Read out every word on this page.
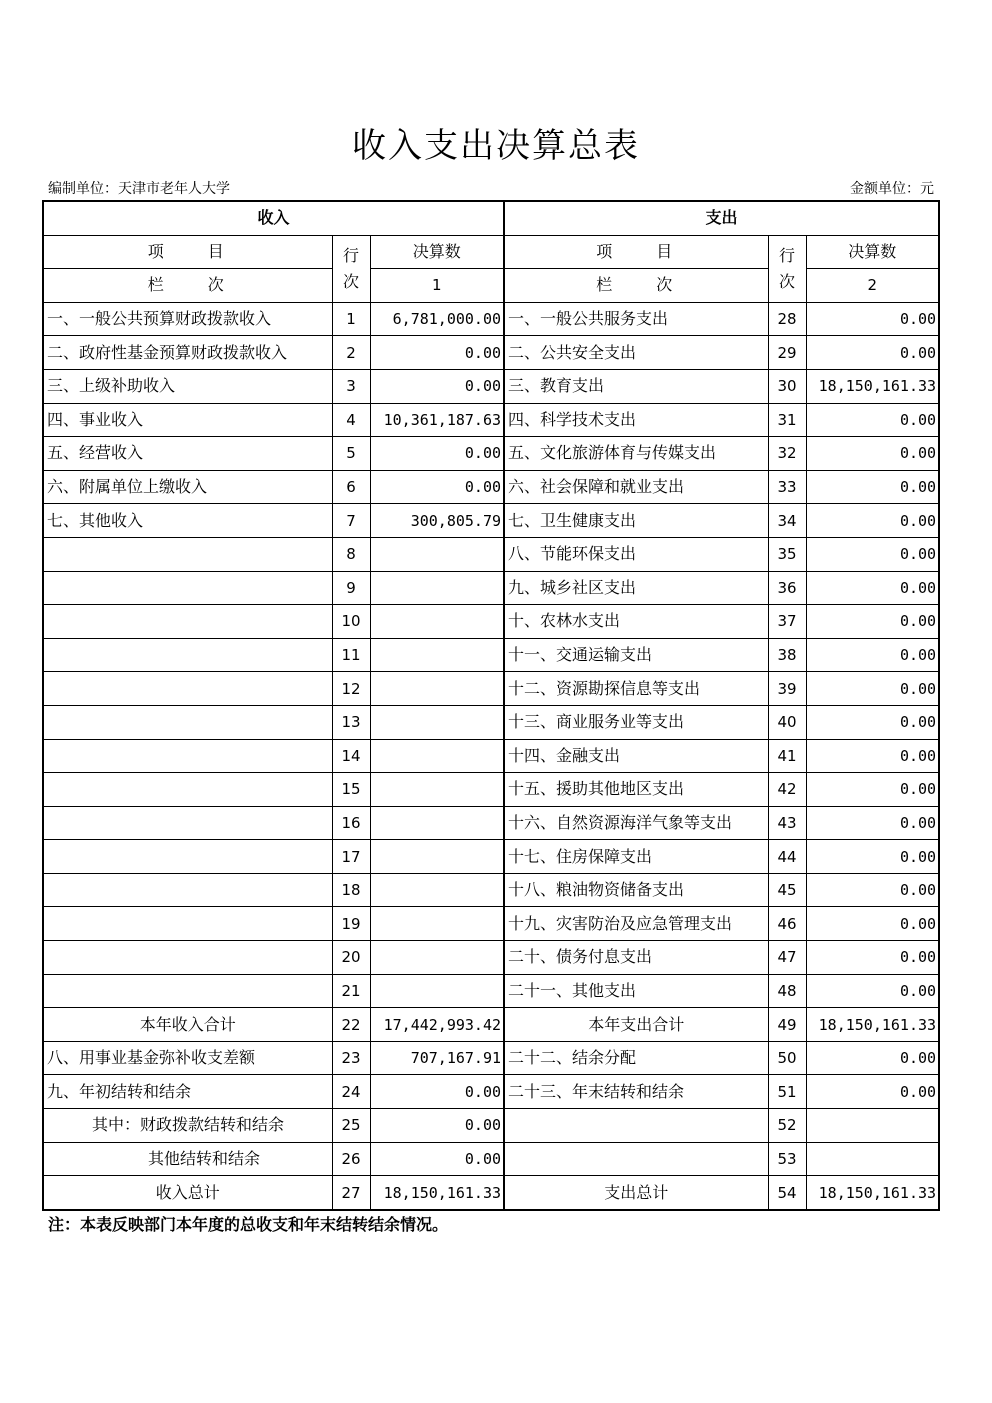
收入支出决算总表
编制单位：天津市老年人大学	金额单位：元
收入			支出		
项　　目	行次	决算数	项　　目	行次	决算数
栏　　次		1	栏　　次		2
一、一般公共预算财政拨款收入	1	6,781,000.00	一、一般公共服务支出	28	0.00
二、政府性基金预算财政拨款收入	2	0.00	二、公共安全支出	29	0.00
三、上级补助收入	3	0.00	三、教育支出	30	18,150,161.33
四、事业收入	4	10,361,187.63	四、科学技术支出	31	0.00
五、经营收入	5	0.00	五、文化旅游体育与传媒支出	32	0.00
六、附属单位上缴收入	6	0.00	六、社会保障和就业支出	33	0.00
七、其他收入	7	300,805.79	七、卫生健康支出	34	0.00
	8		八、节能环保支出	35	0.00
	9		九、城乡社区支出	36	0.00
	10		十、农林水支出	37	0.00
	11		十一、交通运输支出	38	0.00
	12		十二、资源勘探信息等支出	39	0.00
	13		十三、商业服务业等支出	40	0.00
	14		十四、金融支出	41	0.00
	15		十五、援助其他地区支出	42	0.00
	16		十六、自然资源海洋气象等支出	43	0.00
	17		十七、住房保障支出	44	0.00
	18		十八、粮油物资储备支出	45	0.00
	19		十九、灾害防治及应急管理支出	46	0.00
	20		二十、债务付息支出	47	0.00
	21		二十一、其他支出	48	0.00
本年收入合计	22	17,442,993.42	本年支出合计	49	18,150,161.33
八、用事业基金弥补收支差额	23	707,167.91	二十二、结余分配	50	0.00
九、年初结转和结余	24	0.00	二十三、年末结转和结余	51	0.00
其中：财政拨款结转和结余	25	0.00		52	
其他结转和结余	26	0.00		53	
收入总计	27	18,150,161.33	支出总计	54	18,150,161.33
注：本表反映部门本年度的总收支和年末结转结余情况。
